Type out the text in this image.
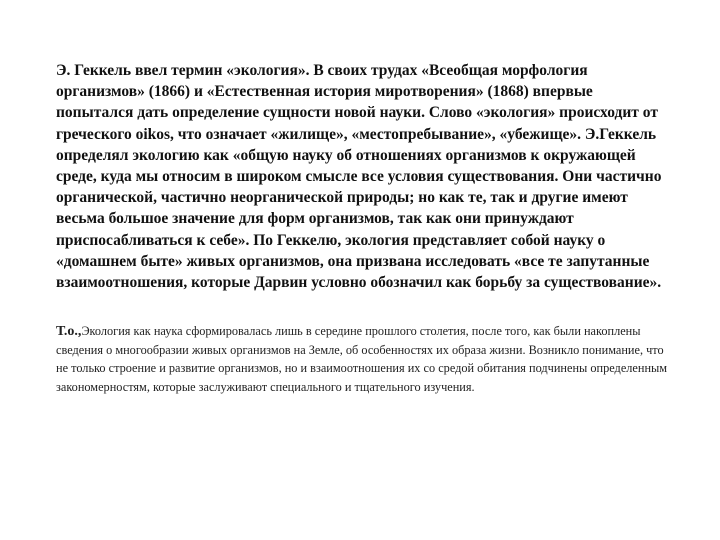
Э. Геккель ввел термин «экология». В своих трудах «Всеобщая морфология организмов» (1866) и «Естественная история миротворения» (1868) впервые попытался дать определение сущности новой науки. Слово «экология» происходит от греческого oikos, что означает «жилище», «местопребывание», «убежище». Э.Геккель определял экологию как «общую науку об отношениях организмов к окружающей среде, куда мы относим в широком смысле все условия существования. Они частично органической, частично неорганической природы; но как те, так и другие имеют весьма большое значение для форм организмов, так как они принуждают приспосабливаться к себе». По Геккелю, экология представляет собой науку о «домашнем быте» живых организмов, она призвана исследовать «все те запутанные взаимоотношения, которые Дарвин условно обозначил как борьбу за существование».

Т.о.,Экология как наука сформировалась лишь в середине прошлого столетия, после того, как были накоплены сведения о многообразии живых организмов на Земле, об особенностях их образа жизни. Возникло понимание, что не только строение и развитие организмов, но и взаимоотношения их со средой обитания подчинены определенным закономерностям, которые заслуживают специального и тщательного изучения.
